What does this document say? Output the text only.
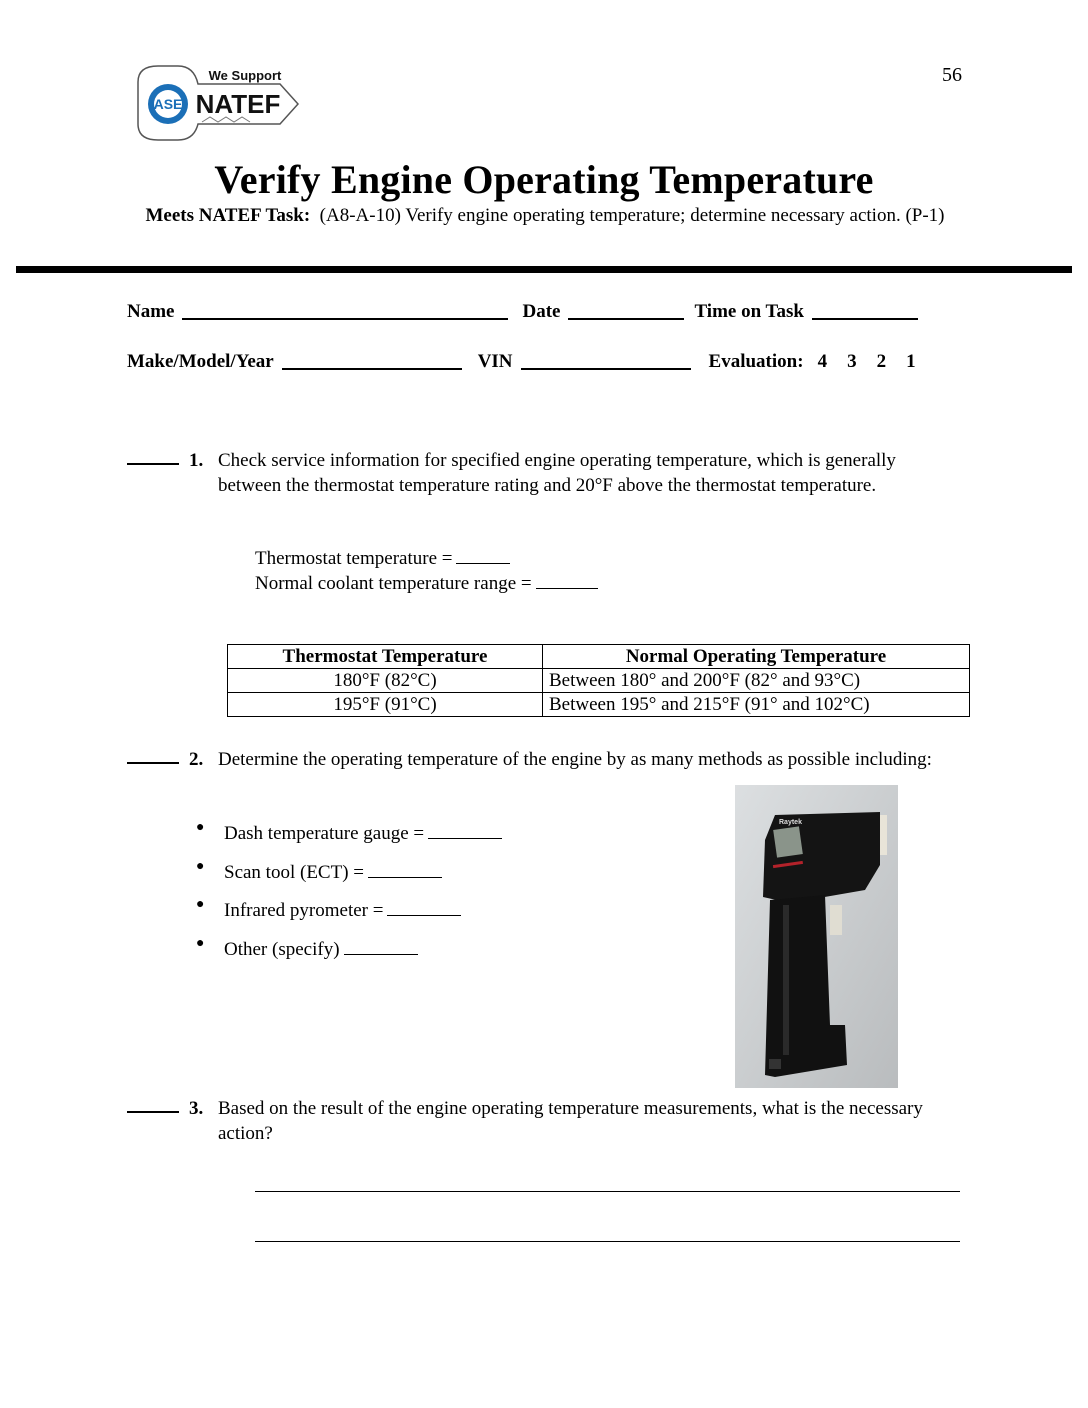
ASE
We Support
NATEF
56
Verify Engine Operating Temperature
Meets NATEF Task: (A8-A-10) Verify engine operating temperature; determine necessary action. (P-1)
Name	Date	Time on Task
Make/Model/Year	VIN	Evaluation: 4 3 2 1
1. Check service information for specified engine operating temperature, which is generally between the thermostat temperature rating and 20°F above the thermostat temperature.
Thermostat temperature =
Normal coolant temperature range =
Thermostat Temperature	Normal Operating Temperature
180°F (82°C)	Between 180° and 200°F (82° and 93°C)
195°F (91°C)	Between 195° and 215°F (91° and 102°C)
2. Determine the operating temperature of the engine by as many methods as possible including:
● Dash temperature gauge =
● Scan tool (ECT) =
● Infrared pyrometer =
● Other (specify)
Raytek
3. Based on the result of the engine operating temperature measurements, what is the necessary action?
